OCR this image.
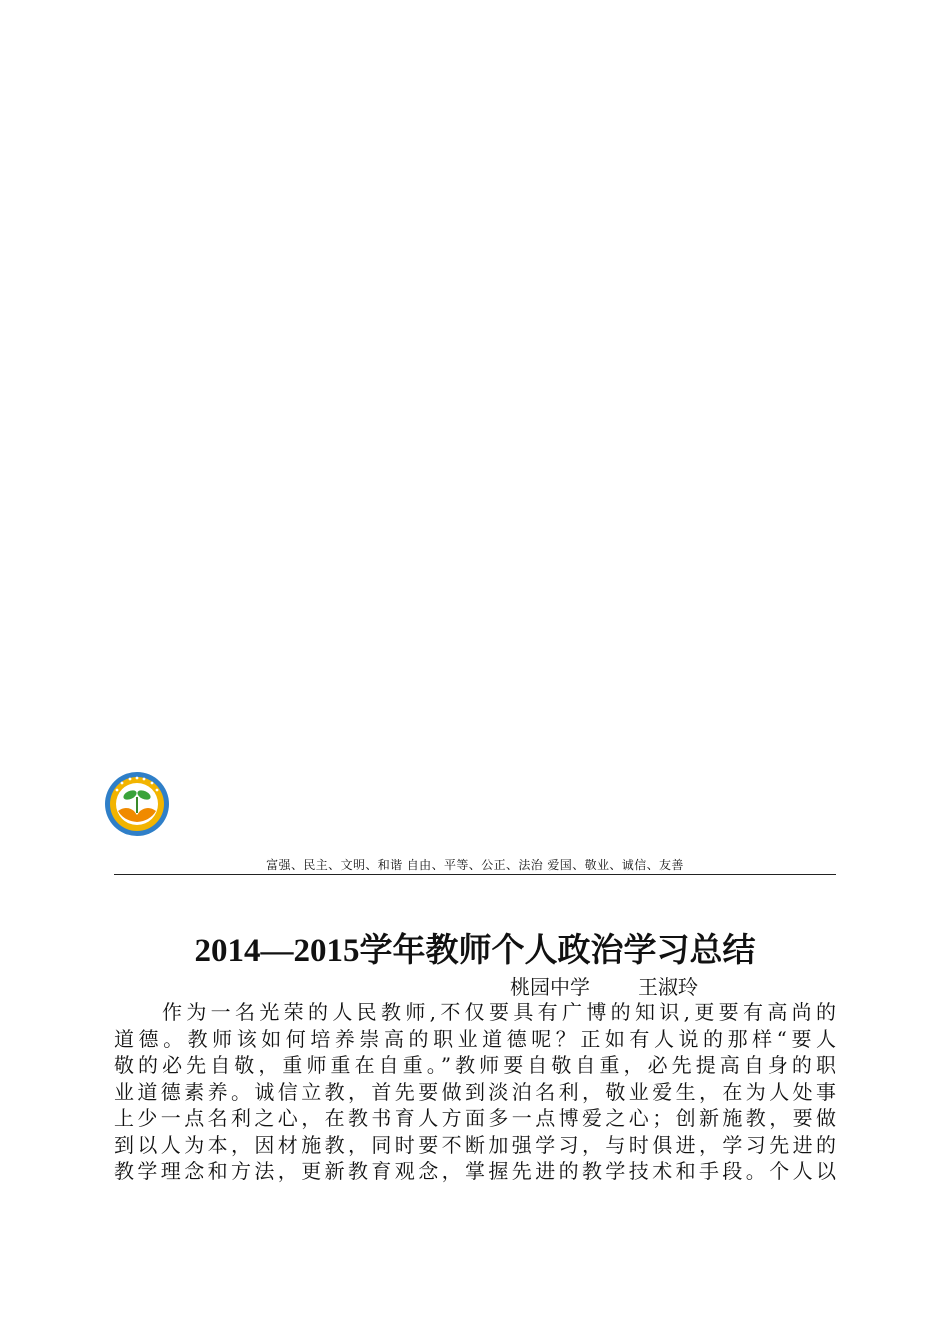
富强、民主、文明、和谐 自由、平等、公正、法治 爱国、敬业、诚信、友善
2014—2015学年教师个人政治学习总结
桃园中学 王淑玲
作为一名光荣的人民教师,不仅要具有广博的知识,更要有高尚的
道德。教师该如何培养崇高的职业道德呢？正如有人说的那样“要人
敬的必先自敬，重师重在自重。”教师要自敬自重，必先提高自身的职
业道德素养。诚信立教，首先要做到淡泊名利，敬业爱生，在为人处事
上少一点名利之心，在教书育人方面多一点博爱之心；创新施教，要做
到以人为本，因材施教，同时要不断加强学习，与时俱进，学习先进的
教学理念和方法，更新教育观念，掌握先进的教学技术和手段。个人以
